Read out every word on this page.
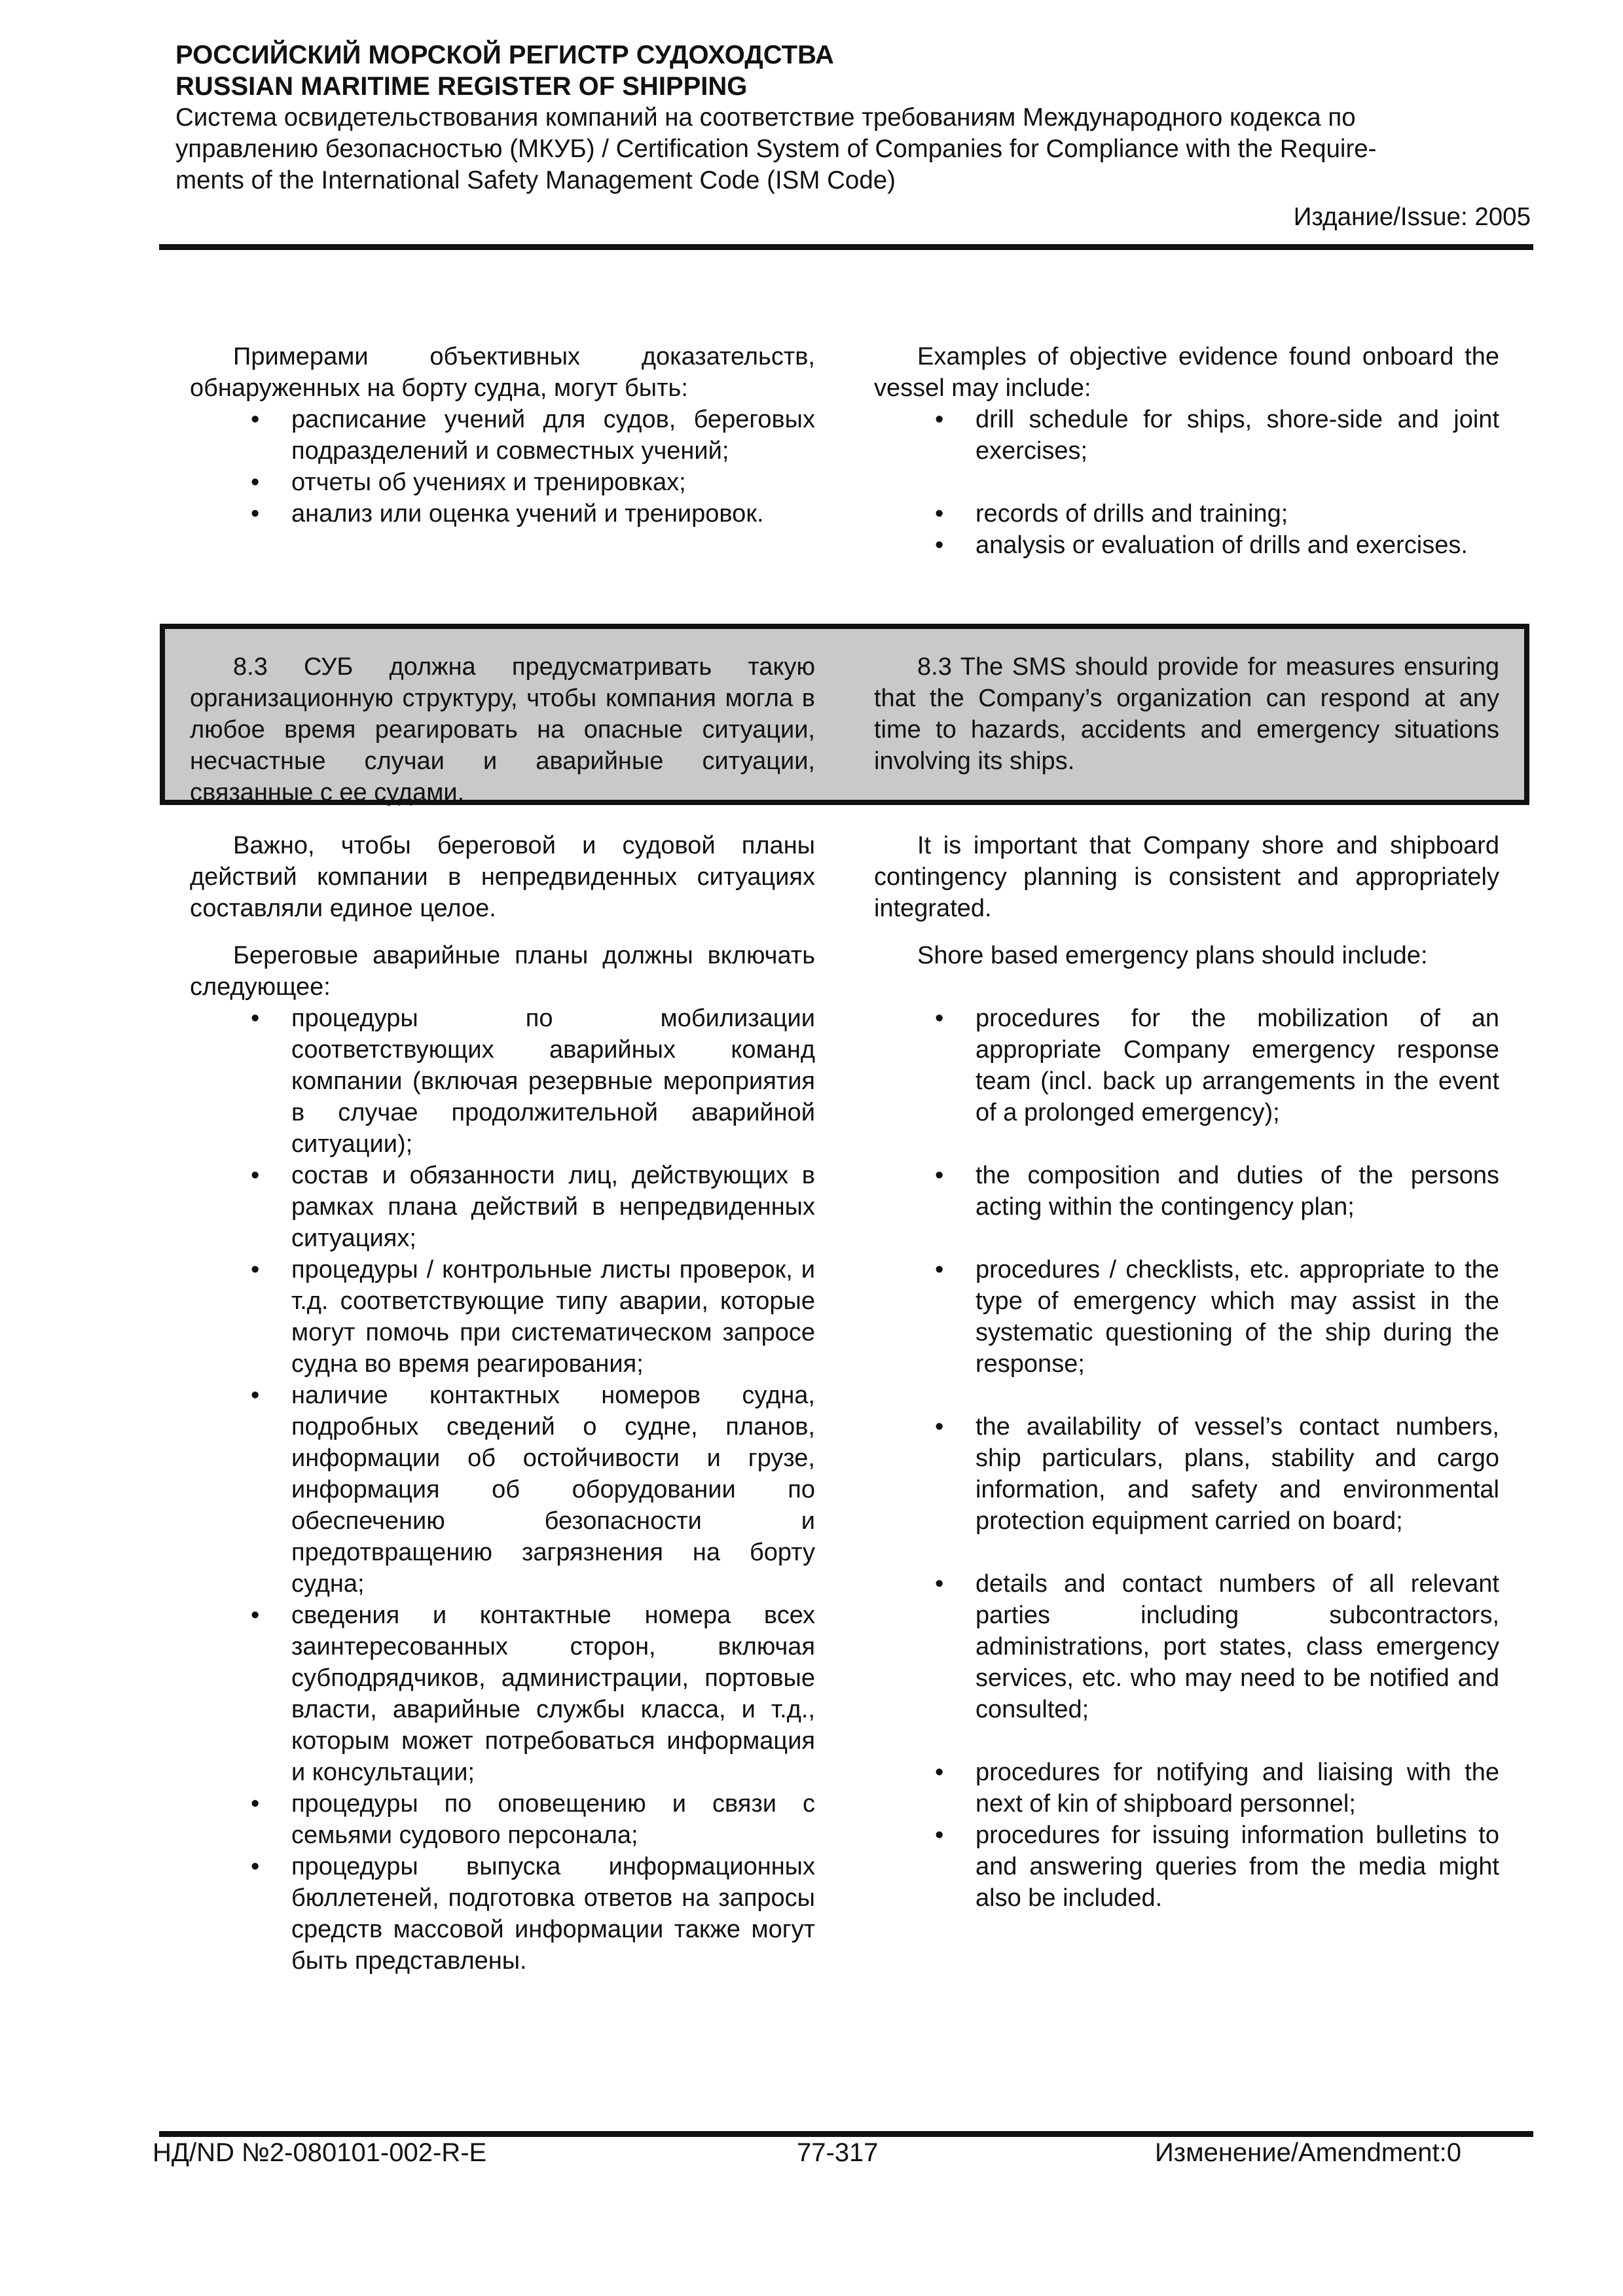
РОССИЙСКИЙ МОРСКОЙ РЕГИСТР СУДОХОДСТВА

RUSSIAN MARITIME REGISTER OF SHIPPING

Система освидетельствования компаний на соответствие требованиям Международного кодекса по

управлению безопасностью (МКУБ) / Certification System of Companies for Compliance with the Require-

ments of the International Safety Management Code (ISM Code)

Издание/Issue: 2005

Примерами объективных доказательств, обнаруженных на борту судна, могут быть:

• расписание учений для судов, береговых подразделений и совместных учений;
• отчеты об учениях и тренировках;
• анализ или оценка учений и тренировок.

Examples of objective evidence found onboard the vessel may include:

• drill schedule for ships, shore-side and joint exercises;
• records of drills and training;
• analysis or evaluation of drills and exercises.

8.3 СУБ должна предусматривать такую организационную структуру, чтобы компания могла в любое время реагировать на опасные ситуации, несчастные случаи и аварийные ситуации, связанные с ее судами.

8.3 The SMS should provide for measures ensuring that the Company’s organization can respond at any time to hazards, accidents and emergency situations involving its ships.

Важно, чтобы береговой и судовой планы действий компании в непредвиденных ситуациях составляли единое целое.

Береговые аварийные планы должны включать следующее:

• процедуры по мобилизации соответствующих аварийных команд компании (включая резервные мероприятия в случае продолжительной аварийной ситуации);
• состав и обязанности лиц, действующих в рамках плана действий в непредвиденных ситуациях;
• процедуры / контрольные листы проверок, и т.д. соответствующие типу аварии, которые могут помочь при систематическом запросе судна во время реагирования;
• наличие контактных номеров судна, подробных сведений о судне, планов, информации об остойчивости и грузе, информация об оборудовании по обеспечению безопасности и предотвращению загрязнения на борту судна;
• сведения и контактные номера всех заинтересованных сторон, включая субподрядчиков, администрации, портовые власти, аварийные службы класса, и т.д., которым может потребоваться информация и консультации;
• процедуры по оповещению и связи с семьями судового персонала;
• процедуры выпуска информационных бюллетеней, подготовка ответов на запросы средств массовой информации также могут быть представлены.

It is important that Company shore and shipboard contingency planning is consistent and appropriately integrated.

Shore based emergency plans should include:

• procedures for the mobilization of an appropriate Company emergency response team (incl. back up arrangements in the event of a prolonged emergency);
• the composition and duties of the persons acting within the contingency plan;
• procedures / checklists, etc. appropriate to the type of emergency which may assist in the systematic questioning of the ship during the response;
• the availability of vessel’s contact numbers, ship particulars, plans, stability and cargo information, and safety and environmental protection equipment carried on board;
• details and contact numbers of all relevant parties including subcontractors, administrations, port states, class emergency services, etc. who may need to be notified and consulted;
• procedures for notifying and liaising with the next of kin of shipboard personnel;
• procedures for issuing information bulletins to and answering queries from the media might also be included.
НД/ND №2-080101-002-R-E	77-317	Изменение/Amendment:0
